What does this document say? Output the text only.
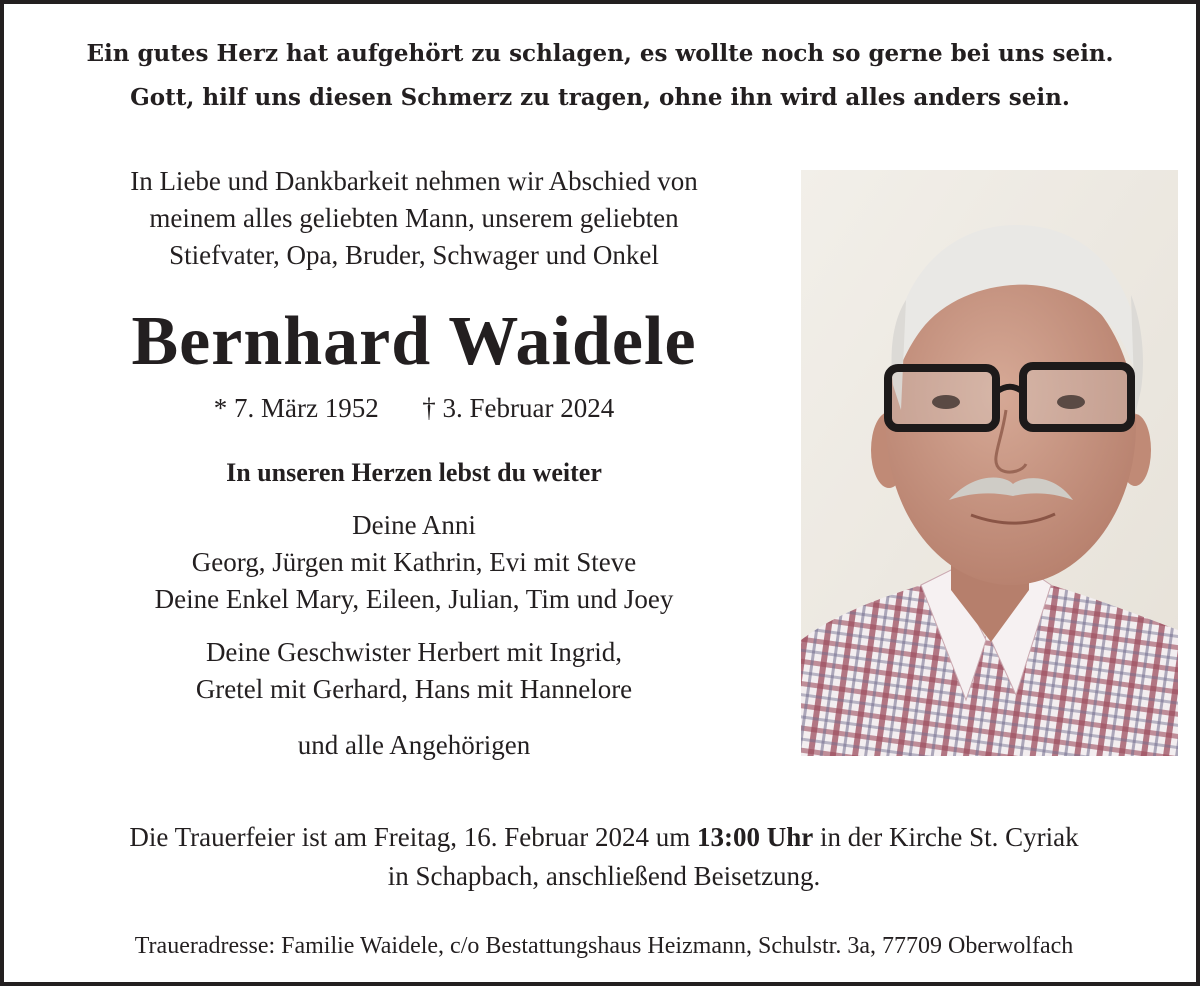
Ein gutes Herz hat aufgehört zu schlagen, es wollte noch so gerne bei uns sein.
Gott, hilf uns diesen Schmerz zu tragen, ohne ihn wird alles anders sein.
In Liebe und Dankbarkeit nehmen wir Abschied von
meinem alles geliebten Mann, unserem geliebten
Stiefvater, Opa, Bruder, Schwager und Onkel
Bernhard Waidele
* 7. März 1952 † 3. Februar 2024
In unseren Herzen lebst du weiter
Deine Anni
Georg, Jürgen mit Kathrin, Evi mit Steve
Deine Enkel Mary, Eileen, Julian, Tim und Joey
Deine Geschwister Herbert mit Ingrid,
Gretel mit Gerhard, Hans mit Hannelore
und alle Angehörigen
Die Trauerfeier ist am Freitag, 16. Februar 2024 um 13:00 Uhr in der Kirche St. Cyriak
in Schapbach, anschließend Beisetzung.
Traueradresse: Familie Waidele, c/o Bestattungshaus Heizmann, Schulstr. 3a, 77709 Oberwolfach
